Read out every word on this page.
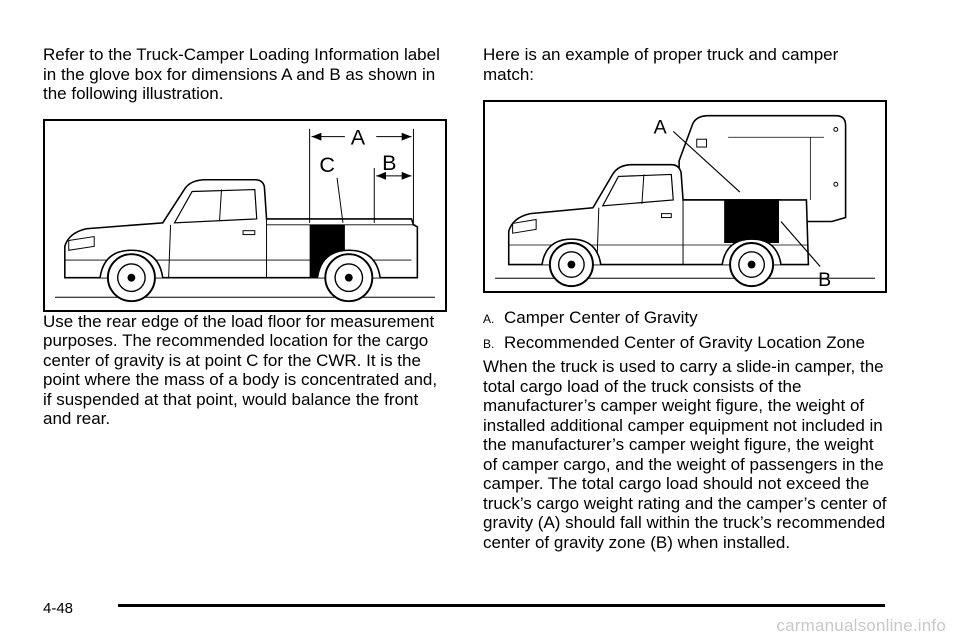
Refer to the Truck-Camper Loading Information label in the glove box for dimensions A and B as shown in the following illustration.

A
B
C

Use the rear edge of the load floor for measurement purposes. The recommended location for the cargo center of gravity is at point C for the CWR. It is the point where the mass of a body is concentrated and, if suspended at that point, would balance the front and rear.

Here is an example of proper truck and camper match:

A
B
A. Camper Center of Gravity
B. Recommended Center of Gravity Location Zone

When the truck is used to carry a slide-in camper, the total cargo load of the truck consists of the manufacturer’s camper weight figure, the weight of installed additional camper equipment not included in the manufacturer’s camper weight figure, the weight of camper cargo, and the weight of passengers in the camper. The total cargo load should not exceed the truck’s cargo weight rating and the camper’s center of gravity (A) should fall within the truck’s recommended center of gravity zone (B) when installed.

4-48
carmanualsonline.info
